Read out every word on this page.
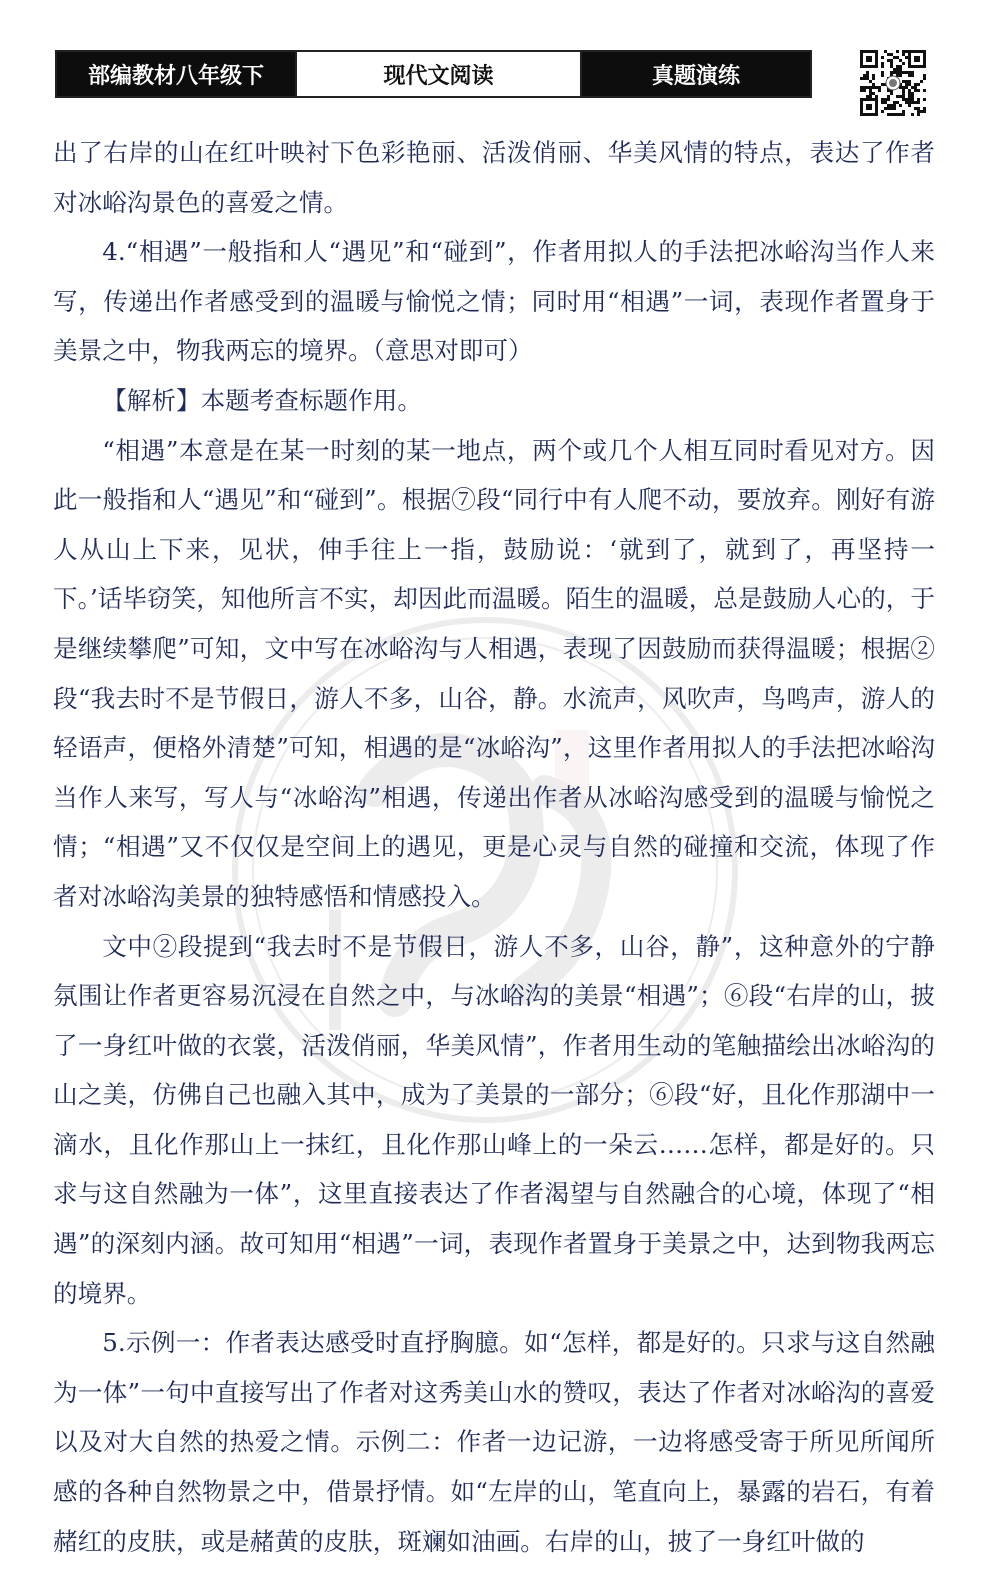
部编教材八年级下	现代文阅读	真题演练

出了右岸的山在红叶映衬下色彩艳丽、活泼俏丽、华美风情的特点，表达了作者对冰峪沟景色的喜爱之情。

4.“相遇”一般指和人“遇见”和“碰到”，作者用拟人的手法把冰峪沟当作人来写，传递出作者感受到的温暖与愉悦之情；同时用“相遇”一词，表现作者置身于美景之中，物我两忘的境界。（意思对即可）

【解析】本题考查标题作用。

“相遇”本意是在某一时刻的某一地点，两个或几个人相互同时看见对方。因此一般指和人“遇见”和“碰到”。根据⑦段“同行中有人爬不动，要放弃。刚好有游人从山上下来，见状，伸手往上一指，鼓励说：‘就到了，就到了，再坚持一下。’话毕窃笑，知他所言不实，却因此而温暖。陌生的温暖，总是鼓励人心的，于是继续攀爬”可知，文中写在冰峪沟与人相遇，表现了因鼓励而获得温暖；根据②段“我去时不是节假日，游人不多，山谷，静。水流声，风吹声，鸟鸣声，游人的轻语声，便格外清楚”可知，相遇的是“冰峪沟”，这里作者用拟人的手法把冰峪沟当作人来写，写人与“冰峪沟”相遇，传递出作者从冰峪沟感受到的温暖与愉悦之情；“相遇”又不仅仅是空间上的遇见，更是心灵与自然的碰撞和交流，体现了作者对冰峪沟美景的独特感悟和情感投入。

文中②段提到“我去时不是节假日，游人不多，山谷，静”，这种意外的宁静氛围让作者更容易沉浸在自然之中，与冰峪沟的美景“相遇”；⑥段“右岸的山，披了一身红叶做的衣裳，活泼俏丽，华美风情”，作者用生动的笔触描绘出冰峪沟的山之美，仿佛自己也融入其中，成为了美景的一部分；⑥段“好，且化作那湖中一滴水，且化作那山上一抹红，且化作那山峰上的一朵云……怎样，都是好的。只求与这自然融为一体”，这里直接表达了作者渴望与自然融合的心境，体现了“相遇”的深刻内涵。故可知用“相遇”一词，表现作者置身于美景之中，达到物我两忘的境界。

5.示例一：作者表达感受时直抒胸臆。如“怎样，都是好的。只求与这自然融为一体”一句中直接写出了作者对这秀美山水的赞叹，表达了作者对冰峪沟的喜爱以及对大自然的热爱之情。示例二：作者一边记游，一边将感受寄于所见所闻所感的各种自然物景之中，借景抒情。如“左岸的山，笔直向上，暴露的岩石，有着赭红的皮肤，或是赭黄的皮肤，斑斓如油画。右岸的山，披了一身红叶做的
